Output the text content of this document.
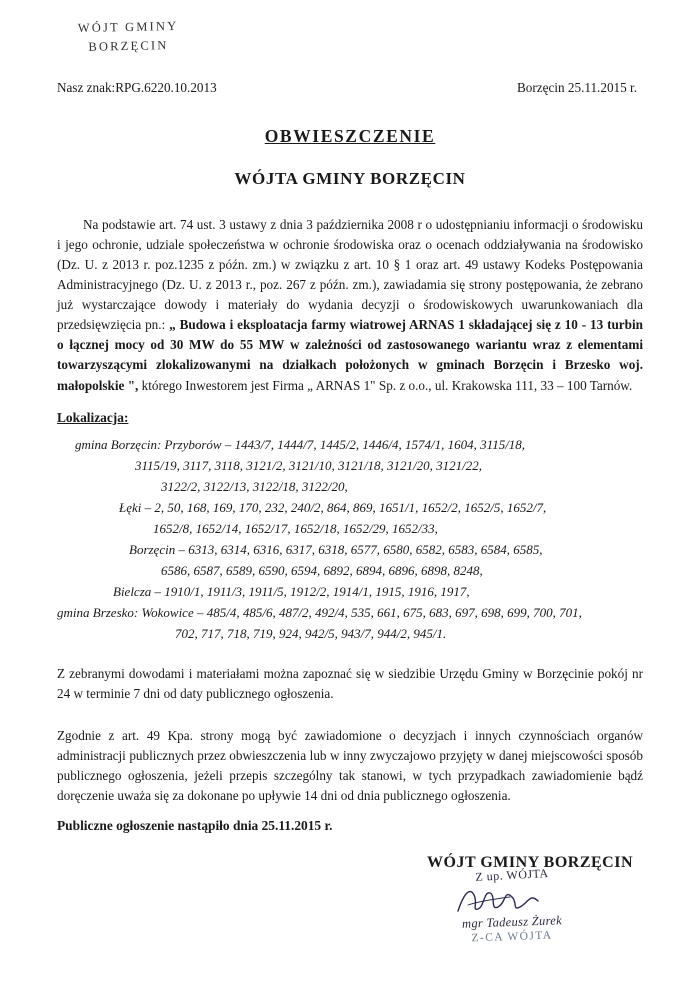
WÓJT GMINY
BORZĘCIN
Nasz znak:RPG.6220.10.2013	Borzęcin 25.11.2015 r.
OBWIESZCZENIE
WÓJTA GMINY BORZĘCIN

Na podstawie art. 74 ust. 3 ustawy z dnia 3 października 2008 r o udostępnianiu informacji o środowisku i jego ochronie, udziale społeczeństwa w ochronie środowiska oraz o ocenach oddziaływania na środowisko (Dz. U. z 2013 r. poz.1235 z późn. zm.) w związku z art. 10 § 1 oraz art. 49 ustawy Kodeks Postępowania Administracyjnego (Dz. U. z 2013 r., poz. 267 z późn. zm.), zawiadamia się strony postępowania, że zebrano już wystarczające dowody i materiały do wydania decyzji o środowiskowych uwarunkowaniach dla przedsięwzięcia pn.: „ Budowa i eksploatacja farmy wiatrowej ARNAS 1 składającej się z 10 - 13 turbin o łącznej mocy od 30 MW do 55 MW w zależności od zastosowanego wariantu wraz z elementami towarzyszącymi zlokalizowanymi na działkach położonych w gminach Borzęcin i Brzesko woj. małopolskie ", którego Inwestorem jest Firma „ ARNAS 1" Sp. z o.o., ul. Krakowska 111, 33 – 100 Tarnów.

Lokalizacja:
gmina Borzęcin: Przyborów – 1443/7, 1444/7, 1445/2, 1446/4, 1574/1, 1604, 3115/18,
3115/19, 3117, 3118, 3121/2, 3121/10, 3121/18, 3121/20, 3121/22,
3122/2, 3122/13, 3122/18, 3122/20,
Łęki – 2, 50, 168, 169, 170, 232, 240/2, 864, 869, 1651/1, 1652/2, 1652/5, 1652/7,
1652/8, 1652/14, 1652/17, 1652/18, 1652/29, 1652/33,
Borzęcin – 6313, 6314, 6316, 6317, 6318, 6577, 6580, 6582, 6583, 6584, 6585,
6586, 6587, 6589, 6590, 6594, 6892, 6894, 6896, 6898, 8248,
Bielcza – 1910/1, 1911/3, 1911/5, 1912/2, 1914/1, 1915, 1916, 1917,
gmina Brzesko: Wokowice – 485/4, 485/6, 487/2, 492/4, 535, 661, 675, 683, 697, 698, 699, 700, 701,
702, 717, 718, 719, 924, 942/5, 943/7, 944/2, 945/1.

Z zebranymi dowodami i materiałami można zapoznać się w siedzibie Urzędu Gminy w Borzęcinie pokój nr 24 w terminie 7 dni od daty publicznego ogłoszenia.

Zgodnie z art. 49 Kpa. strony mogą być zawiadomione o decyzjach i innych czynnościach organów administracji publicznych przez obwieszczenia lub w inny zwyczajowo przyjęty w danej miejscowości sposób publicznego ogłoszenia, jeżeli przepis szczególny tak stanowi, w tych przypadkach zawiadomienie bądź doręczenie uważa się za dokonane po upływie 14 dni od dnia publicznego ogłoszenia.

Publiczne ogłoszenie nastąpiło dnia 25.11.2015 r.
WÓJT GMINY BORZĘCIN
Z up. WÓJTA
mgr Tadeusz Żurek
Z-CA WÓJTA
